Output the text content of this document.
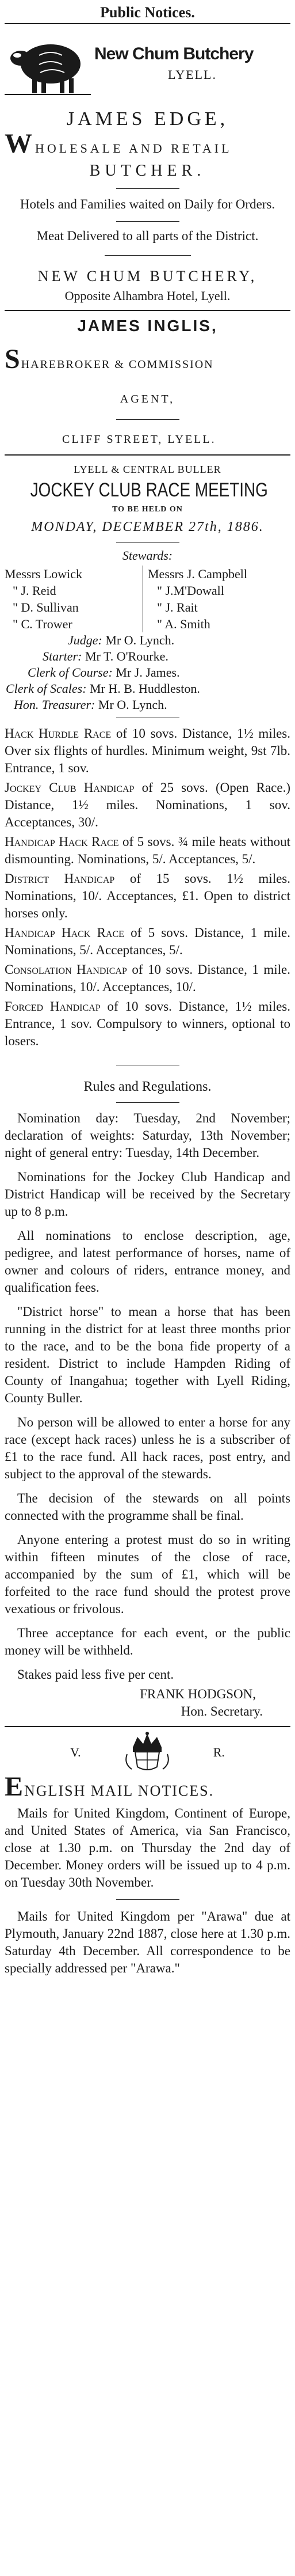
Public Notices.
New Chum Butchery
LYELL.
JAMES EDGE,
WHOLESALE AND RETAIL
BUTCHER.
Hotels and Families waited on Daily for Orders.
Meat Delivered to all parts of the District.
NEW CHUM BUTCHERY,
Opposite Alhambra Hotel, Lyell.
JAMES INGLIS,
SHAREBROKER & COMMISSION
AGENT,
CLIFF STREET, LYELL.
LYELL & CENTRAL BULLER
JOCKEY CLUB RACE MEETING
TO BE HELD ON
MONDAY, DECEMBER 27th, 1886.
Stewards:
Messrs Lowick
" J. Reid
" D. Sullivan
" C. Trower
Messrs J. Campbell
" J.M'Dowall
" J. Rait
" A. Smith
Judge: Mr O. Lynch.
Starter: Mr T. O'Rourke.
Clerk of Course: Mr J. James.
Clerk of Scales: Mr H. B. Huddleston.
Hon. Treasurer: Mr O. Lynch.

Hack Hurdle Race of 10 sovs. Distance, 1½ miles. Over six flights of hurdles. Minimum weight, 9st 7lb. Entrance, 1 sov.

Jockey Club Handicap of 25 sovs. (Open Race.) Distance, 1½ miles. Nominations, 1 sov. Acceptances, 30/.

Handicap Hack Race of 5 sovs. ¾ mile heats without dismounting. Nominations, 5/. Acceptances, 5/.

District Handicap of 15 sovs. 1½ miles. Nominations, 10/. Acceptances, £1. Open to district horses only.

Handicap Hack Race of 5 sovs. Distance, 1 mile. Nominations, 5/. Acceptances, 5/.

Consolation Handicap of 10 sovs. Distance, 1 mile. Nominations, 10/. Acceptances, 10/.

Forced Handicap of 10 sovs. Distance, 1½ miles. Entrance, 1 sov. Compulsory to winners, optional to losers.

Rules and Regulations.

Nomination day: Tuesday, 2nd November; declaration of weights: Saturday, 13th November; night of general entry: Tuesday, 14th December.

Nominations for the Jockey Club Handicap and District Handicap will be received by the Secretary up to 8 p.m.

All nominations to enclose description, age, pedigree, and latest performance of horses, name of owner and colours of riders, entrance money, and qualification fees.

"District horse" to mean a horse that has been running in the district for at least three months prior to the race, and to be the bona fide property of a resident. District to include Hampden Riding of County of Inangahua; together with Lyell Riding, County Buller.

No person will be allowed to enter a horse for any race (except hack races) unless he is a subscriber of £1 to the race fund. All hack races, post entry, and subject to the approval of the stewards.

The decision of the stewards on all points connected with the programme shall be final.

Anyone entering a protest must do so in writing within fifteen minutes of the close of race, accompanied by the sum of £1, which will be forfeited to the race fund should the protest prove vexatious or frivolous.

Three acceptance for each event, or the public money will be withheld.

Stakes paid less five per cent.

FRANK HODGSON,
Hon. Secretary.
V.	R.
ENGLISH MAIL NOTICES.

Mails for United Kingdom, Continent of Europe, and United States of America, via San Francisco, close at 1.30 p.m. on Thursday the 2nd day of December. Money orders will be issued up to 4 p.m. on Tuesday 30th November.

Mails for United Kingdom per "Arawa" due at Plymouth, January 22nd 1887, close here at 1.30 p.m. Saturday 4th December. All correspondence to be specially addressed per "Arawa."
